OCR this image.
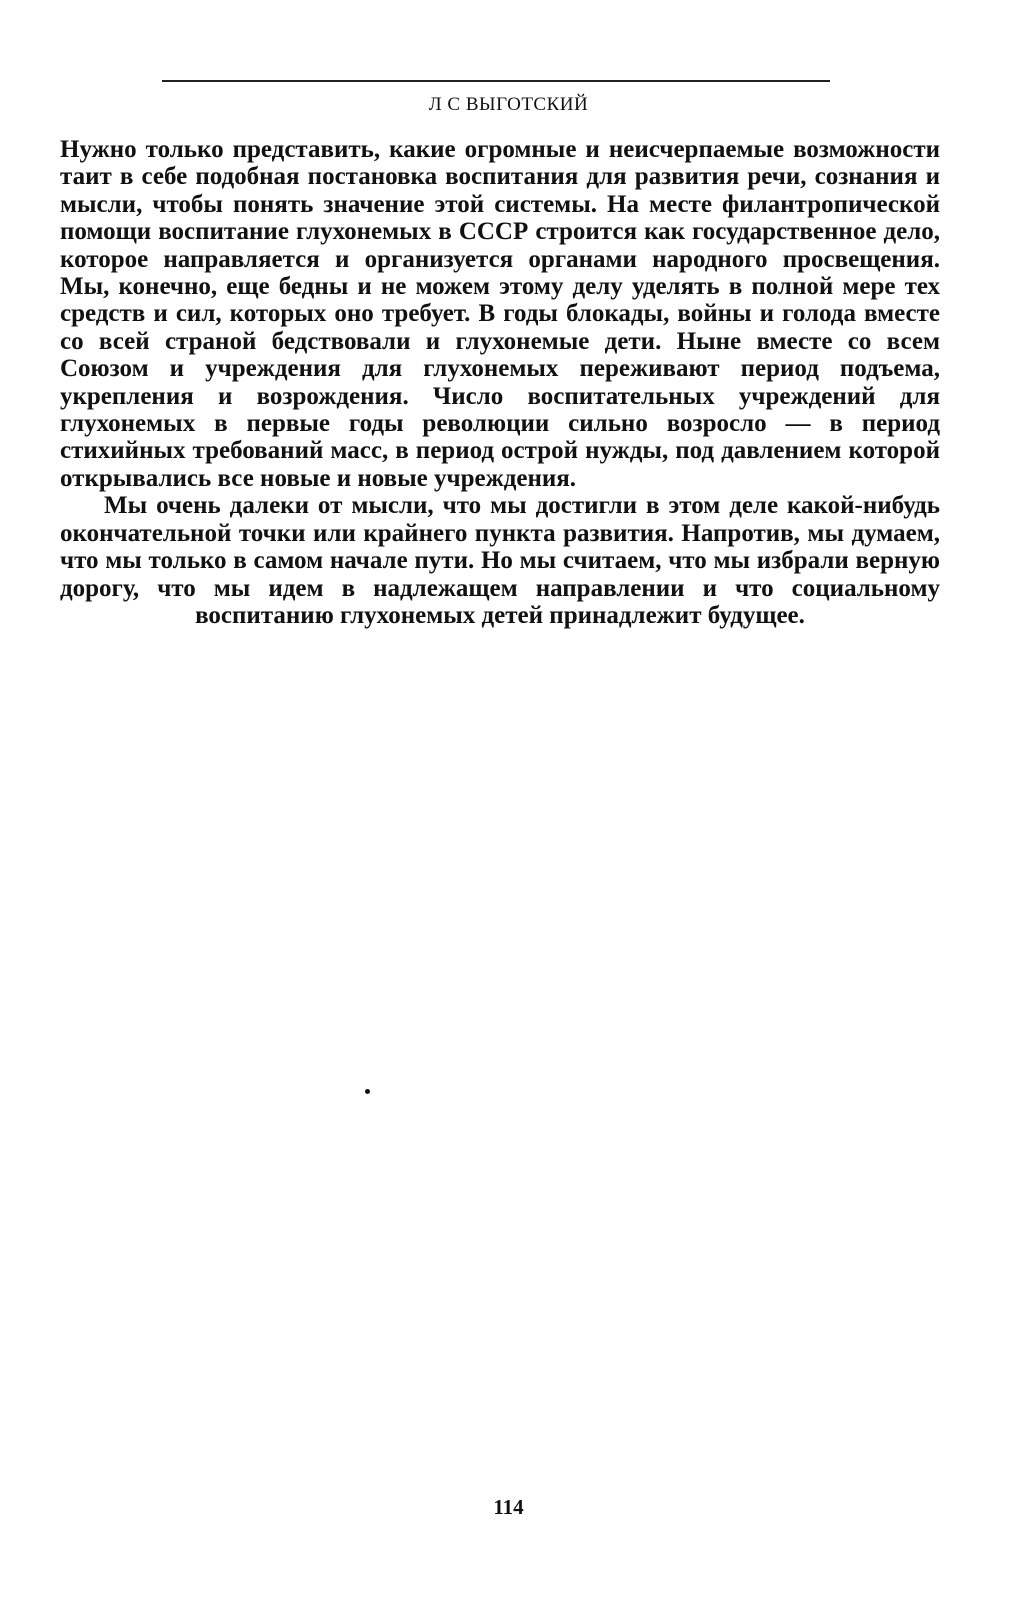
Л С ВЫГОТСКИЙ

Нужно только представить, какие огромные и неисчерпаемые возможности таит в себе подобная постановка воспитания для развития речи, сознания и мысли, чтобы понять значение этой системы. На месте филантропической помощи воспитание глухонемых в СССР строится как государственное дело, которое направляется и организуется органами народного просвещения. Мы, конечно, еще бедны и не можем этому делу уделять в полной мере тех средств и сил, которых оно требует. В годы блокады, войны и голода вместе со всей страной бедствовали и глухонемые дети. Ныне вместе со всем Союзом и учреждения для глухонемых переживают период подъема, укрепления и возрождения. Число воспитательных учреждений для глухонемых в первые годы революции сильно возросло — в период стихийных требований масс, в период острой нужды, под давлением которой открывались все новые и новые учреждения.

Мы очень далеки от мысли, что мы достигли в этом деле какой-нибудь окончательной точки или крайнего пункта развития. Напротив, мы думаем, что мы только в самом начале пути. Но мы считаем, что мы избрали верную дорогу, что мы идем в надлежащем направлении и что социальному воспитанию глухонемых детей принадлежит будущее.

114
